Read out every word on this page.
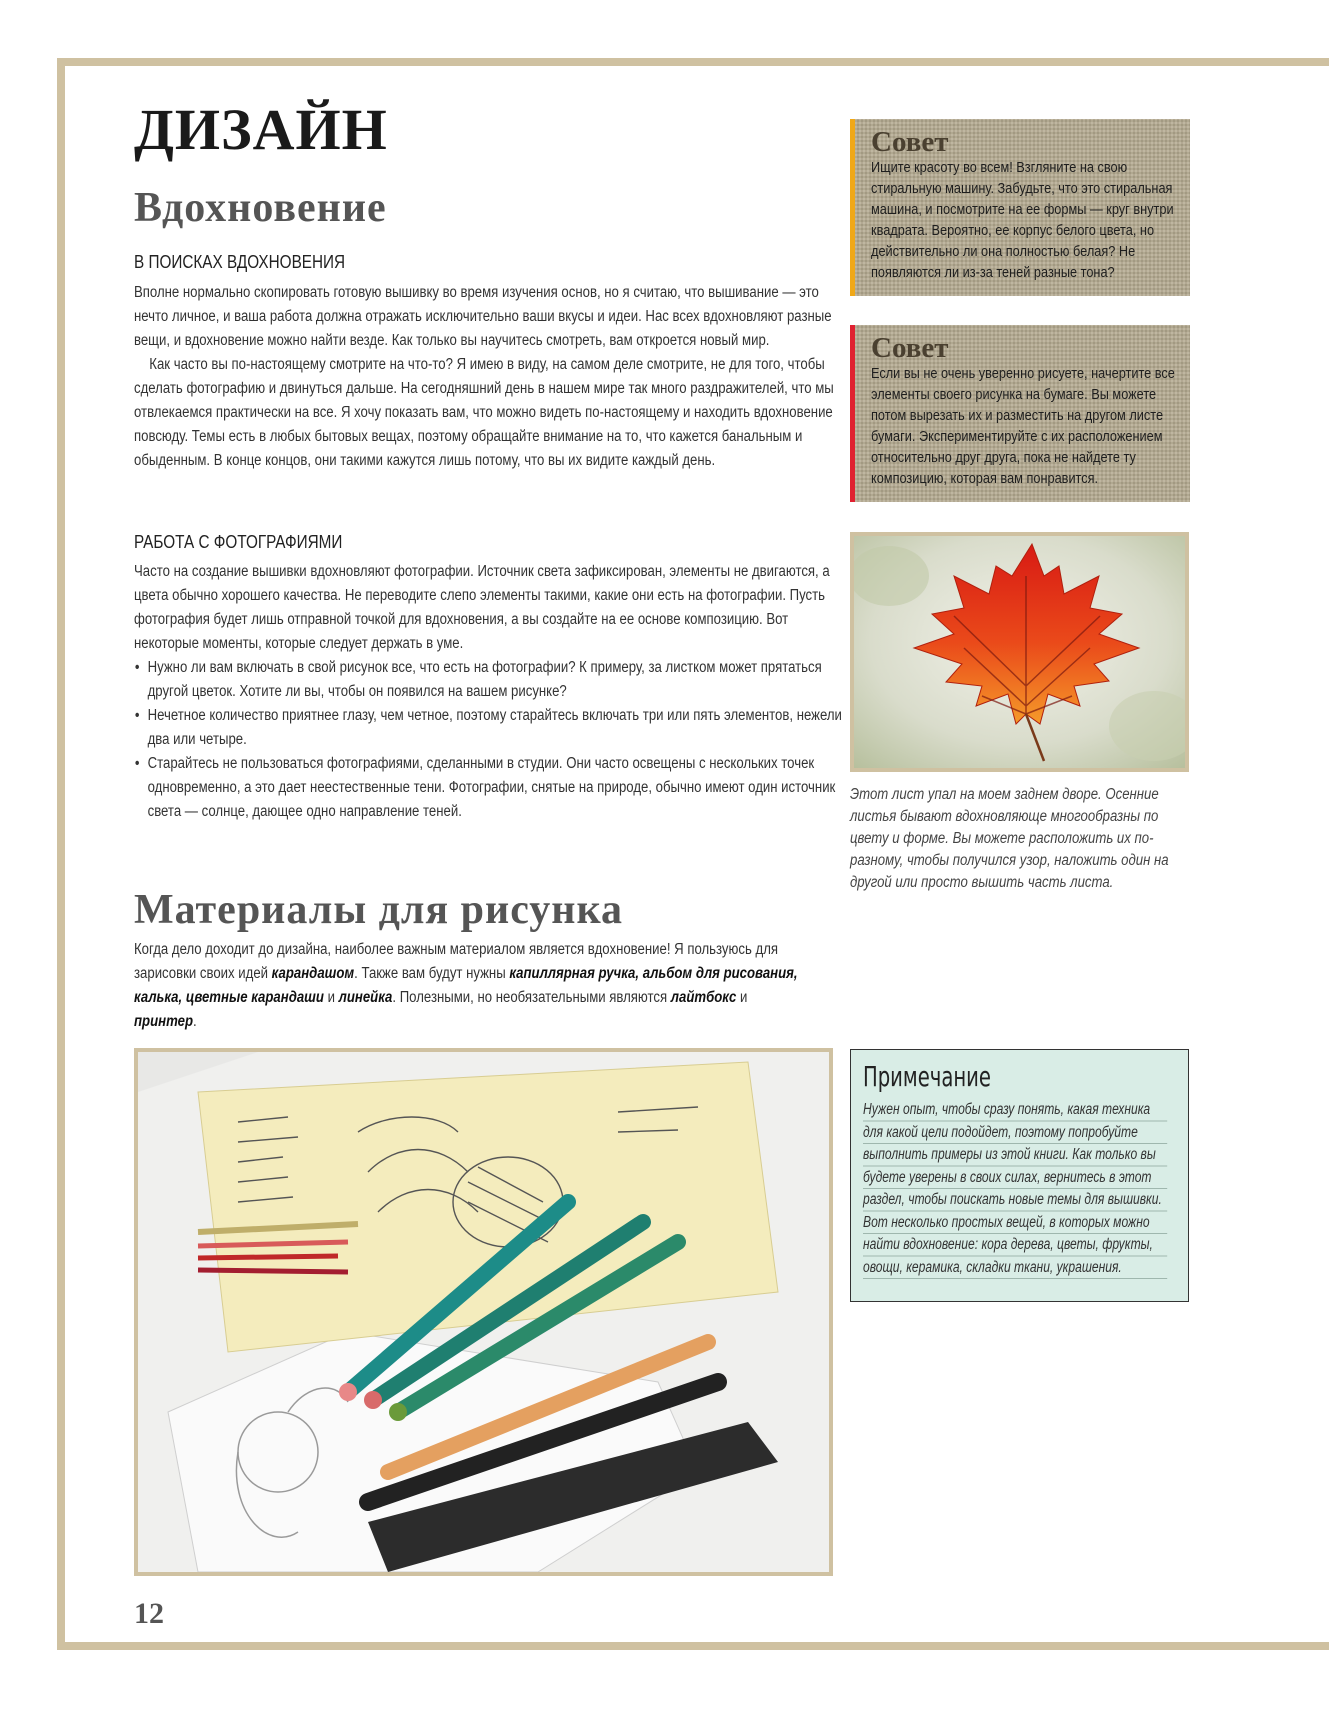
ДИЗАЙН
Вдохновение
В ПОИСКАХ ВДОХНОВЕНИЯ

Вполне нормально скопировать готовую вышивку во время изучения основ, но я считаю, что вышивание — это нечто личное, и ваша работа должна отражать исключительно ваши вкусы и идеи. Нас всех вдохновляют разные вещи, и вдохновение можно найти везде. Как только вы научитесь смотреть, вам откроется новый мир.

Как часто вы по-настоящему смотрите на что-то? Я имею в виду, на самом деле смотрите, не для того, чтобы сделать фотографию и двинуться дальше. На сегодняшний день в нашем мире так много раздражителей, что мы отвлекаемся практически на все. Я хочу показать вам, что можно видеть по-настоящему и находить вдохновение повсюду. Темы есть в любых бытовых вещах, поэтому обращайте внимание на то, что кажется банальным и обыденным. В конце концов, они такими кажутся лишь потому, что вы их видите каждый день.

РАБОТА С ФОТОГРАФИЯМИ

Часто на создание вышивки вдохновляют фотографии. Источник света зафиксирован, элементы не двигаются, а цвета обычно хорошего качества. Не переводите слепо элементы такими, какие они есть на фотографии. Пусть фотография будет лишь отправной точкой для вдохновения, а вы создайте на ее основе композицию. Вот некоторые моменты, которые следует держать в уме.

• Нужно ли вам включать в свой рисунок все, что есть на фотографии? К примеру, за листком может прятаться другой цветок. Хотите ли вы, чтобы он появился на вашем рисунке?
• Нечетное количество приятнее глазу, чем четное, поэтому старайтесь включать три или пять элементов, нежели два или четыре.
• Старайтесь не пользоваться фотографиями, сделанными в студии. Они часто освещены с нескольких точек одновременно, а это дает неестественные тени. Фотографии, снятые на природе, обычно имеют один источник света — солнце, дающее одно направление теней.
Совет
Ищите красоту во всем! Взгляните на свою стиральную машину. Забудьте, что это стиральная машина, и посмотрите на ее формы — круг внутри квадрата. Вероятно, ее корпус белого цвета, но действительно ли она полностью белая? Не появляются ли из-за теней разные тона?
Совет
Если вы не очень уверенно рисуете, начертите все элементы своего рисунка на бумаге. Вы можете потом вырезать их и разместить на другом листе бумаги. Экспериментируйте с их расположением относительно друг друга, пока не найдете ту композицию, которая вам понравится.
Этот лист упал на моем заднем дворе. Осенние листья бывают вдохновляюще многообразны по цвету и форме. Вы можете расположить их по-разному, чтобы получился узор, наложить один на другой или просто вышить часть листа.
Материалы для рисунка
Когда дело доходит до дизайна, наиболее важным материалом является вдохновение! Я пользуюсь для зарисовки своих идей карандашом. Также вам будут нужны капиллярная ручка, альбом для рисования, калька, цветные карандаши и линейка. Полезными, но необязательными являются лайтбокс и принтер.
Примечание
Нужен опыт, чтобы сразу понять, какая техника для какой цели подойдет, поэтому попробуйте выполнить примеры из этой книги. Как только вы будете уверены в своих силах, вернитесь в этот раздел, чтобы поискать новые темы для вышивки. Вот несколько простых вещей, в которых можно найти вдохновение: кора дерева, цветы, фрукты, овощи, керамика, складки ткани, украшения.
12
